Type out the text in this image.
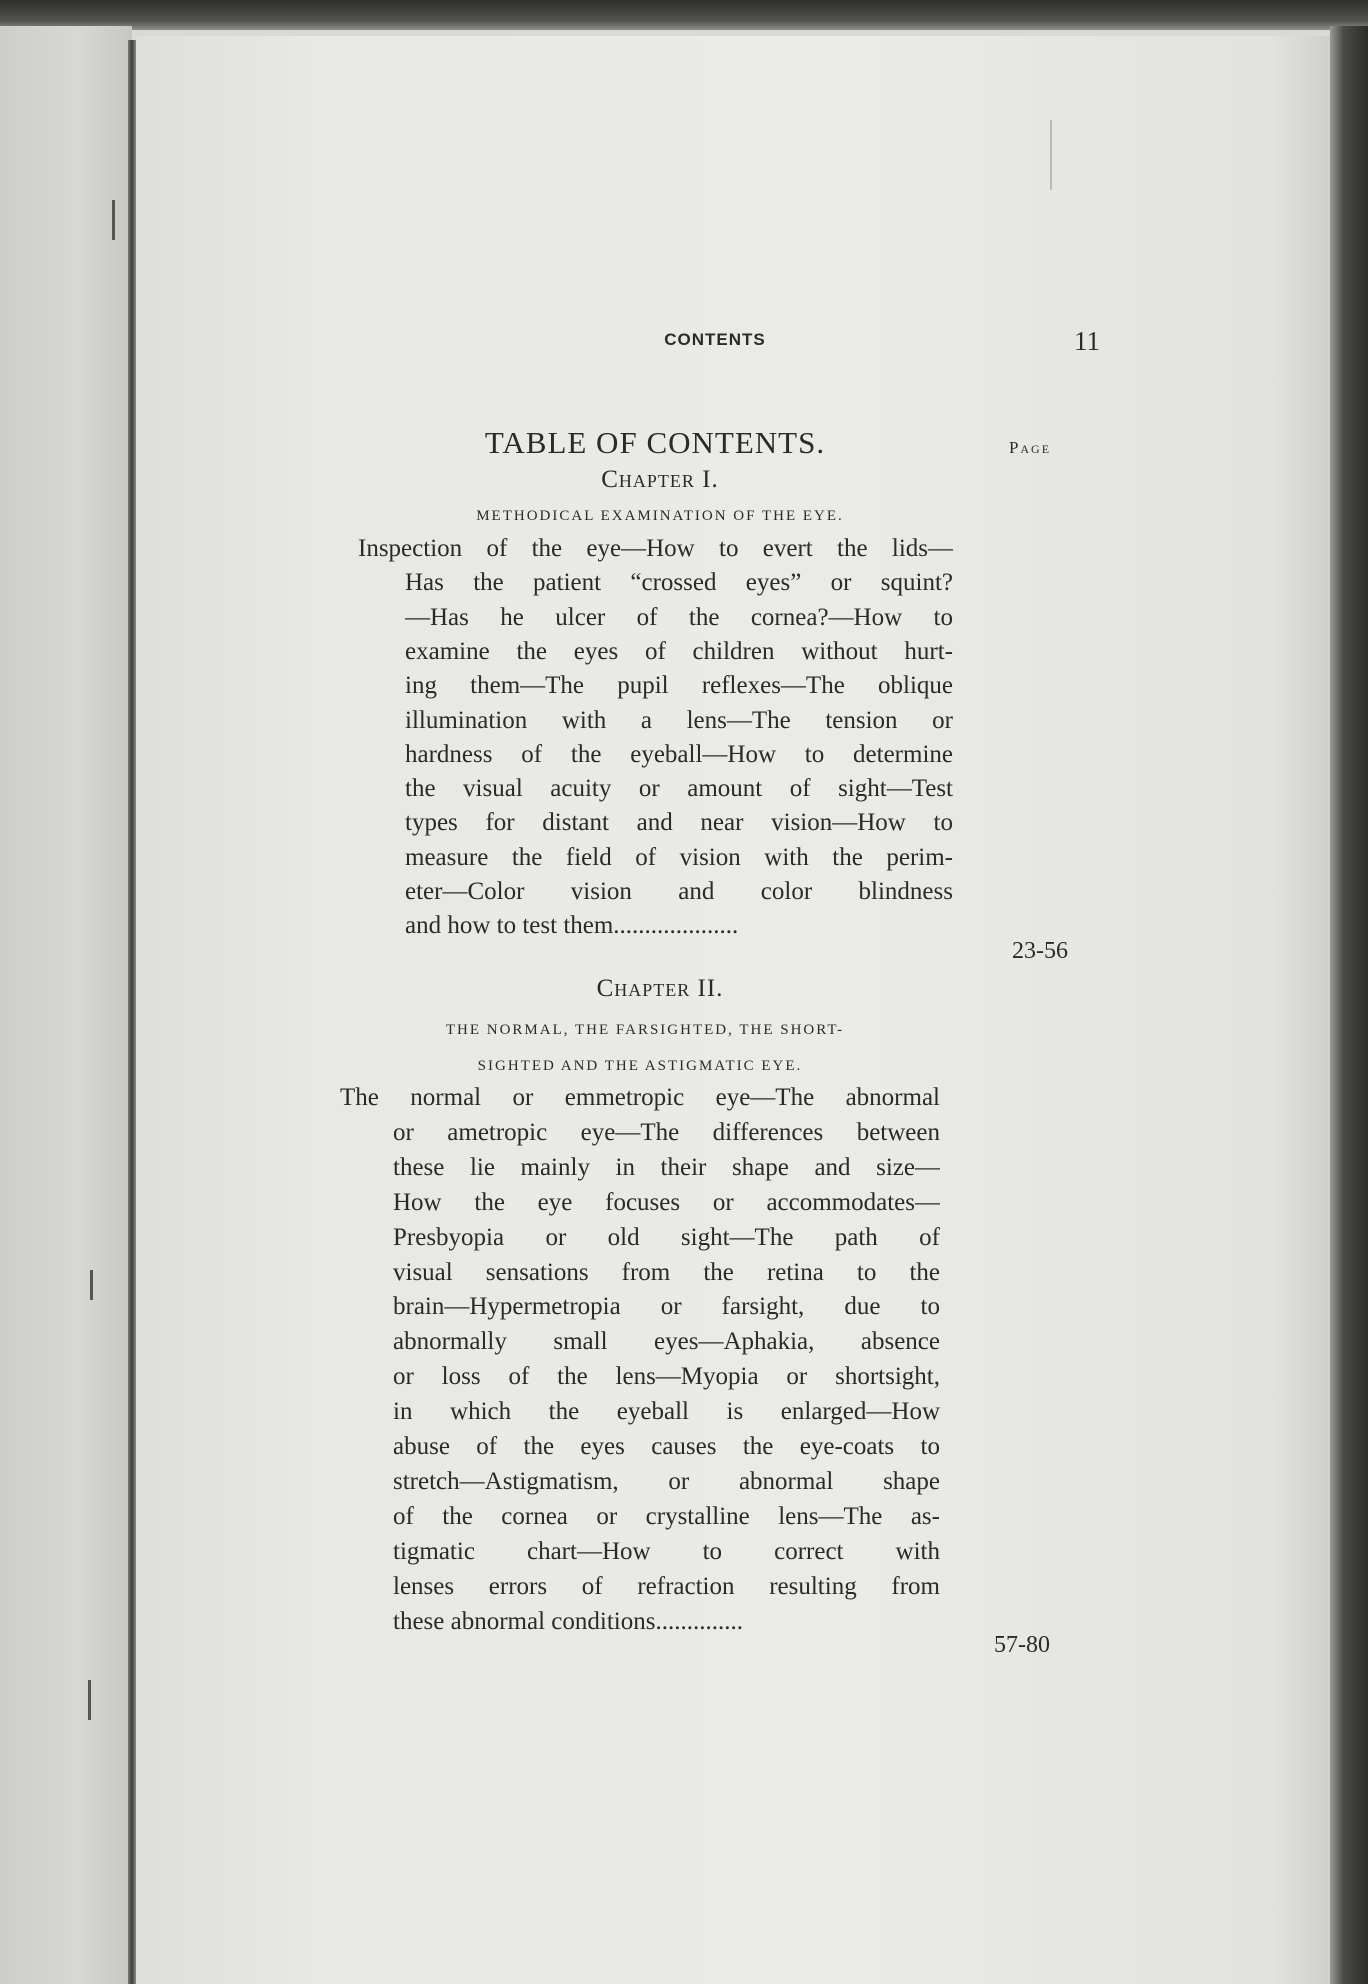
CONTENTS	11
TABLE OF CONTENTS.	Page
Chapter I.
METHODICAL EXAMINATION OF THE EYE.
Inspection of the eye—How to evert the lids—
Has the patient “crossed eyes” or squint?
—Has he ulcer of the cornea?—How to
examine the eyes of children without hurt-
ing them—The pupil reflexes—The oblique
illumination with a lens—The tension or
hardness of the eyeball—How to determine
the visual acuity or amount of sight—Test
types for distant and near vision—How to
measure the field of vision with the perim-
eter—Color vision and color blindness
and how to test them....................
23-56
Chapter II.
THE NORMAL, THE FARSIGHTED, THE SHORT-
SIGHTED AND THE ASTIGMATIC EYE.
The normal or emmetropic eye—The abnormal
or ametropic eye—The differences between
these lie mainly in their shape and size—
How the eye focuses or accommodates—
Presbyopia or old sight—The path of
visual sensations from the retina to the
brain—Hypermetropia or farsight, due to
abnormally small eyes—Aphakia, absence
or loss of the lens—Myopia or shortsight,
in which the eyeball is enlarged—How
abuse of the eyes causes the eye-coats to
stretch—Astigmatism, or abnormal shape
of the cornea or crystalline lens—The as-
tigmatic chart—How to correct with
lenses errors of refraction resulting from
these abnormal conditions..............
57-80
